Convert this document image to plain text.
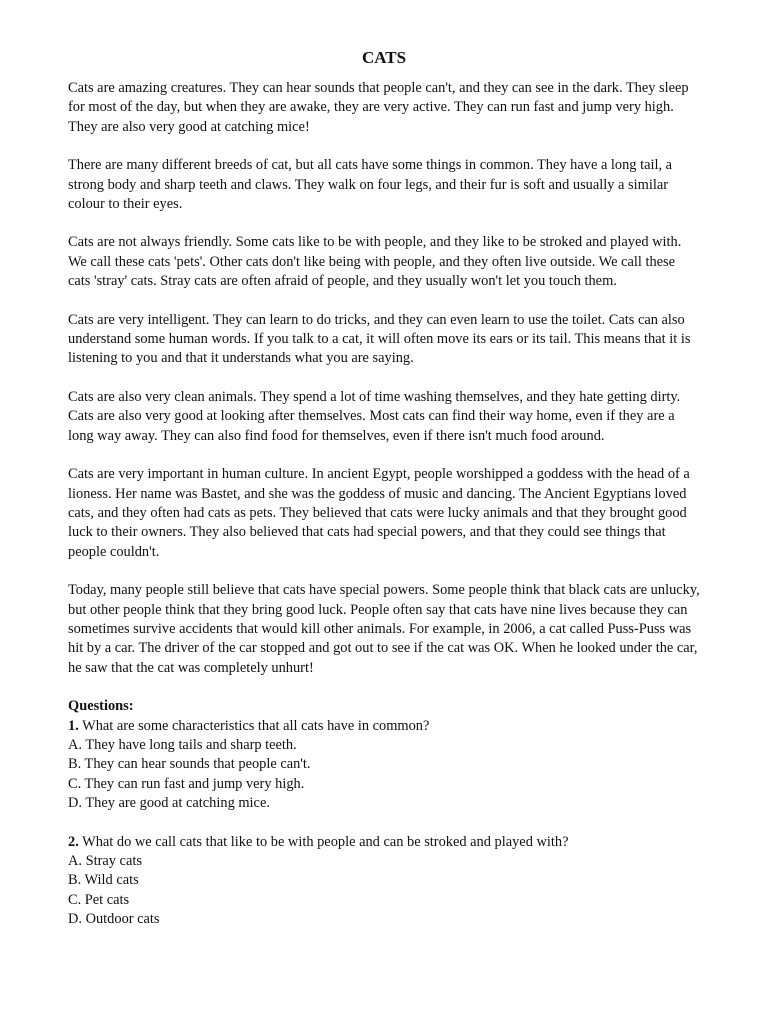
CATS

Cats are amazing creatures. They can hear sounds that people can't, and they can see in the dark. They sleep for most of the day, but when they are awake, they are very active. They can run fast and jump very high. They are also very good at catching mice!

There are many different breeds of cat, but all cats have some things in common. They have a long tail, a strong body and sharp teeth and claws. They walk on four legs, and their fur is soft and usually a similar colour to their eyes.

Cats are not always friendly. Some cats like to be with people, and they like to be stroked and played with. We call these cats 'pets'. Other cats don't like being with people, and they often live outside. We call these cats 'stray' cats. Stray cats are often afraid of people, and they usually won't let you touch them.

Cats are very intelligent. They can learn to do tricks, and they can even learn to use the toilet. Cats can also understand some human words. If you talk to a cat, it will often move its ears or its tail. This means that it is listening to you and that it understands what you are saying.

Cats are also very clean animals. They spend a lot of time washing themselves, and they hate getting dirty. Cats are also very good at looking after themselves. Most cats can find their way home, even if they are a long way away. They can also find food for themselves, even if there isn't much food around.

Cats are very important in human culture. In ancient Egypt, people worshipped a goddess with the head of a lioness. Her name was Bastet, and she was the goddess of music and dancing. The Ancient Egyptians loved cats, and they often had cats as pets. They believed that cats were lucky animals and that they brought good luck to their owners. They also believed that cats had special powers, and that they could see things that people couldn't.

Today, many people still believe that cats have special powers. Some people think that black cats are unlucky, but other people think that they bring good luck. People often say that cats have nine lives because they can sometimes survive accidents that would kill other animals. For example, in 2006, a cat called Puss-Puss was hit by a car. The driver of the car stopped and got out to see if the cat was OK. When he looked under the car, he saw that the cat was completely unhurt!

Questions:

1. What are some characteristics that all cats have in common?

A. They have long tails and sharp teeth.

B. They can hear sounds that people can't.

C. They can run fast and jump very high.

D. They are good at catching mice.

2. What do we call cats that like to be with people and can be stroked and played with?

A. Stray cats

B. Wild cats

C. Pet cats

D. Outdoor cats
